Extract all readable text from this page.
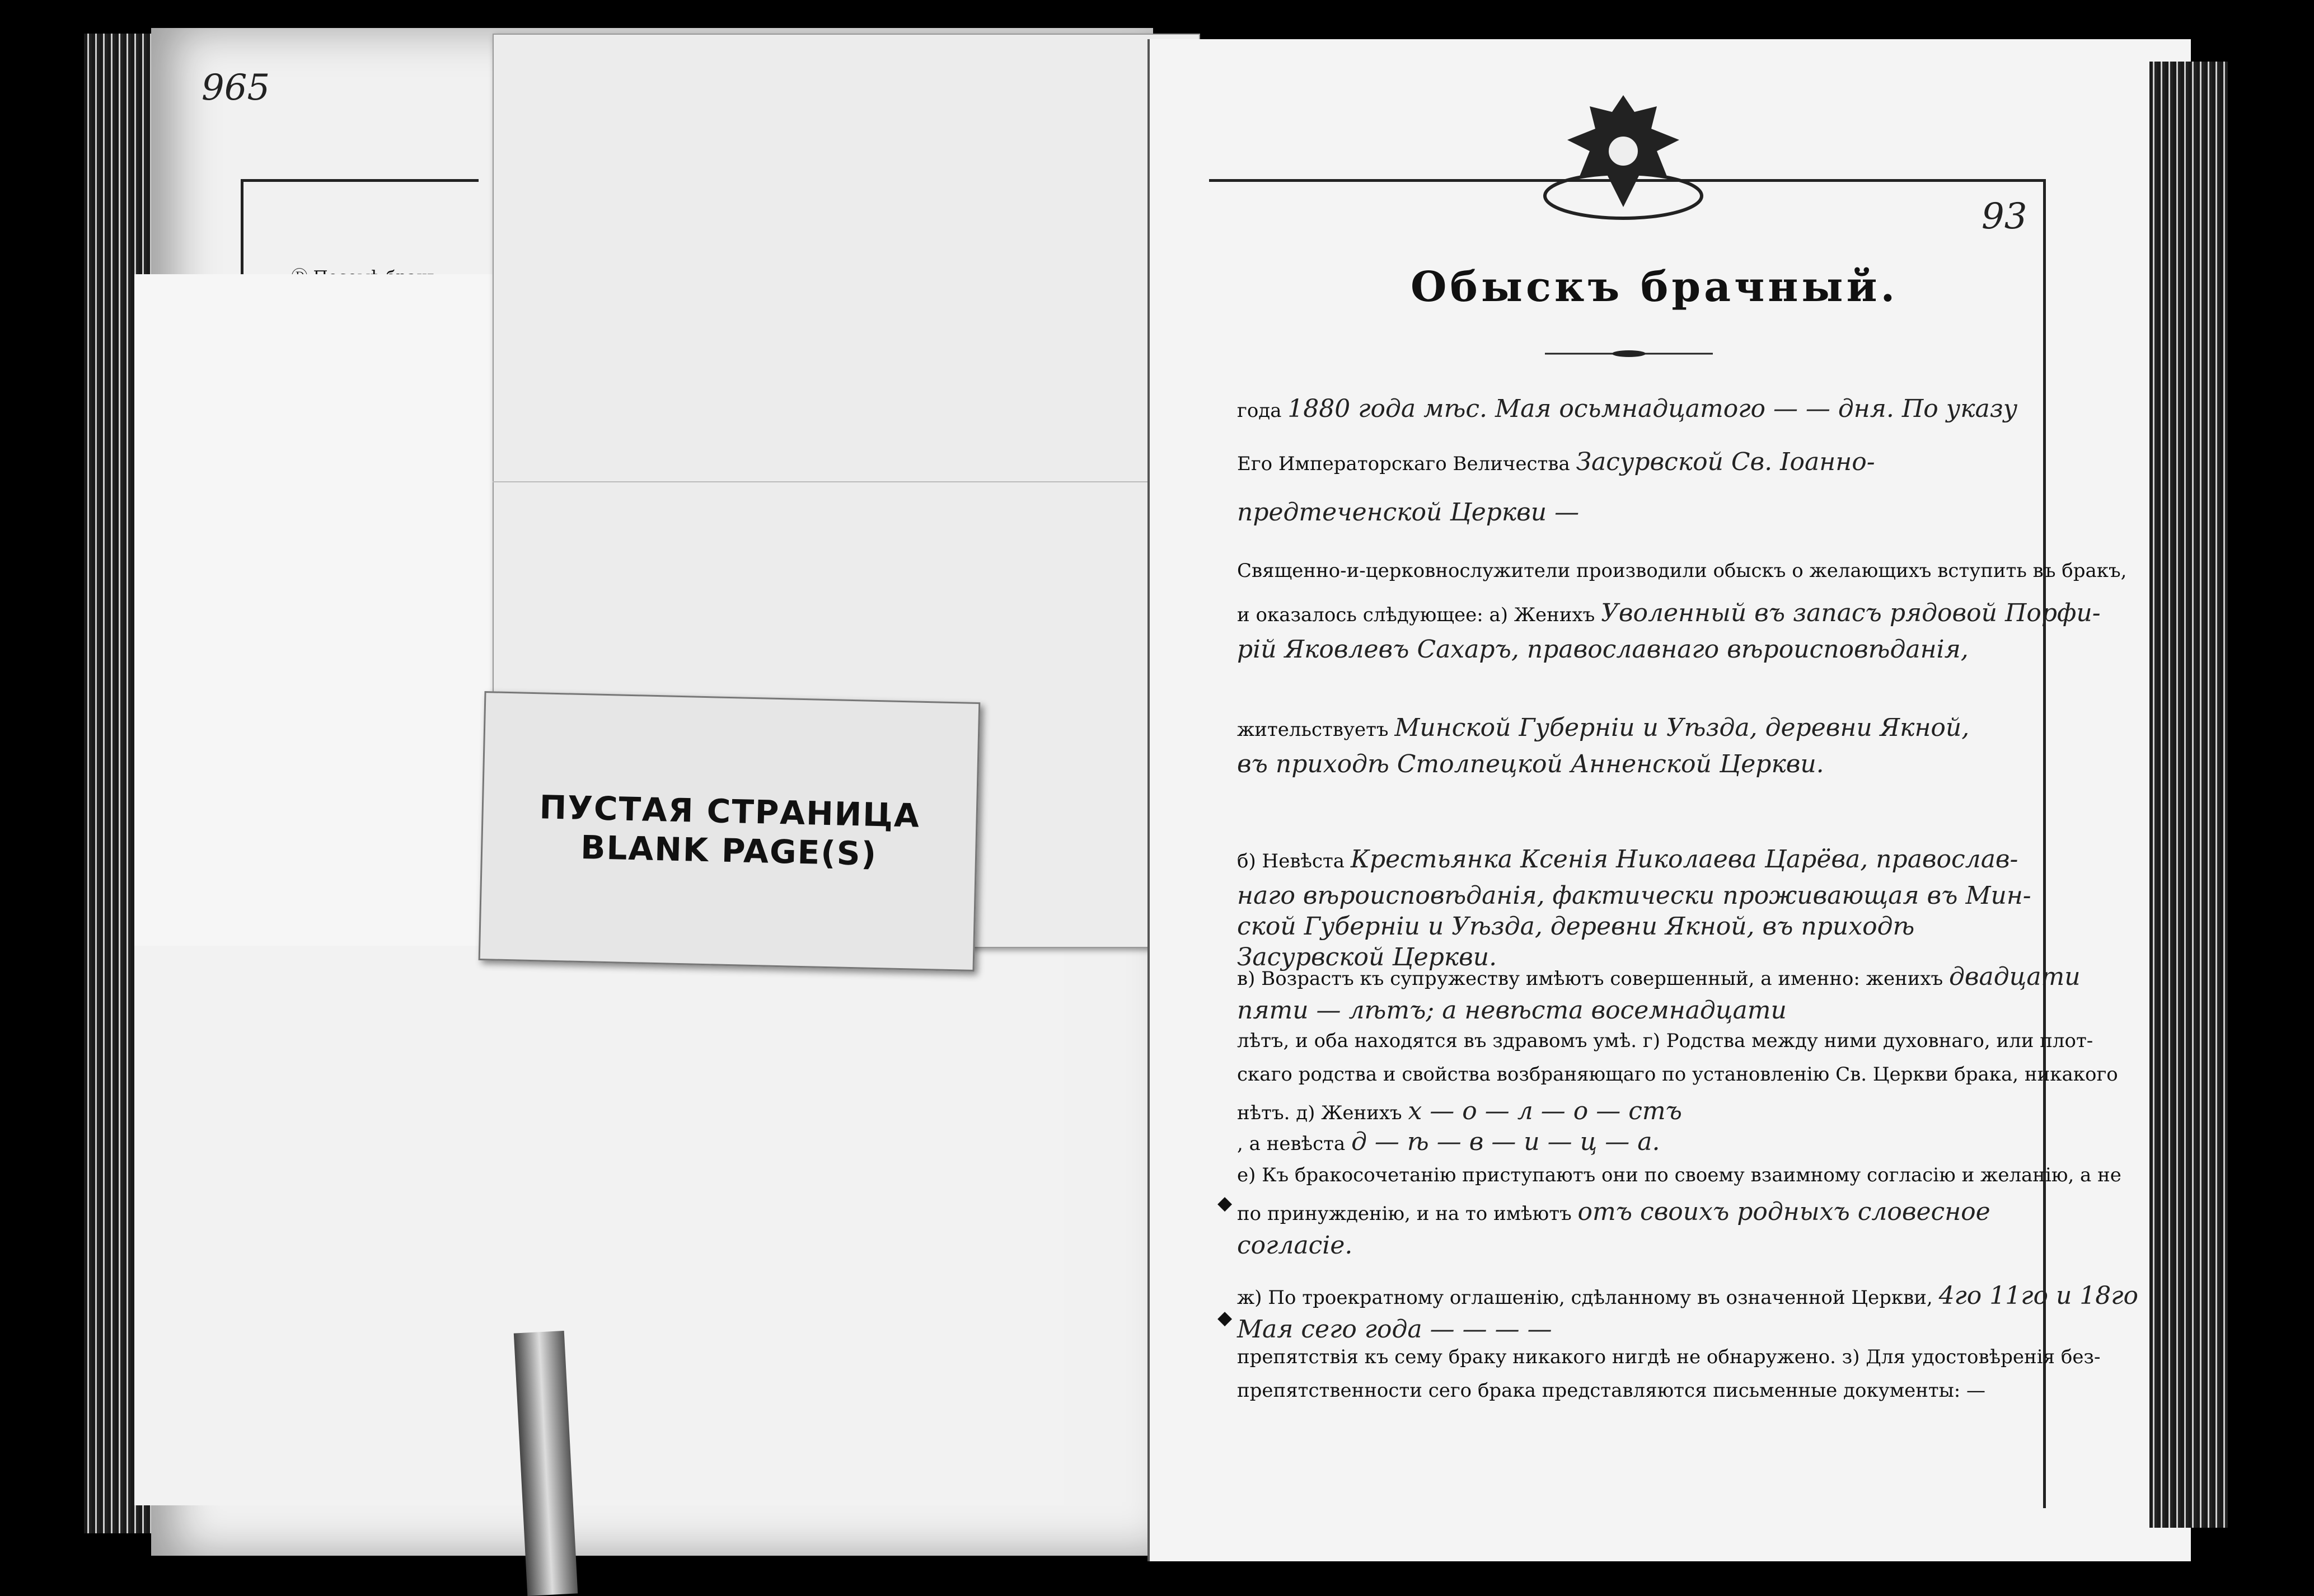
965
ПУСТАЯ СТРАНИЦА
BLANK PAGE(S)
93
Обыскъ брачный.
года 1880 года мѣс. Мая осьмнадцатого — — дня. По указу
Его Императорскаго Величества Засурвской Св. Іоанно-
предтеченской Церкви —
Священно-и-церковнослужители производили обыскъ о желающихъ вступить въ бракъ,
и оказалось слѣдующее: а) Женихъ Уволенный въ запасъ рядовой Порфи-
рій Яковлевъ Сахаръ, православнаго вѣроисповѣданія,
жительствуетъ Минской Губерніи и Уѣзда, деревни Якной,
въ приходѣ Столпецкой Анненской Церкви.
б) Невѣста Крестьянка Ксенія Николаева Царёва, православ-
наго вѣроисповѣданія, фактически проживающая въ Мин-
ской Губерніи и Уѣзда, деревни Якной, въ приходѣ
Засурвской Церкви.
в) Возрастъ къ супружеству имѣютъ совершенный, а именно: женихъ двадцати
пяти — лѣтъ; а невѣста восемнадцати
лѣтъ, и оба находятся въ здравомъ умѣ. г) Родства между ними духовнаго, или плот-
скаго родства и свойства возбраняющаго по установленію Св. Церкви брака, никакого
нѣтъ. д) Женихъ х — о — л — о — стъ
, а невѣста д — ѣ — в — и — ц — а.
е) Къ бракосочетанію приступаютъ они по своему взаимному согласію и желанію, а не
по принужденію, и на то имѣютъ отъ своихъ родныхъ словесное
согласіе.
ж) По троекратному оглашенію, сдѣланному въ означенной Церкви, 4го 11го и 18го
Мая сего года — — — —
препятствія къ сему браку никакого нигдѣ не обнаружено. з) Для удостовѣренія без-
препятственности сего брака представляются письменные документы: —
◆
◆
